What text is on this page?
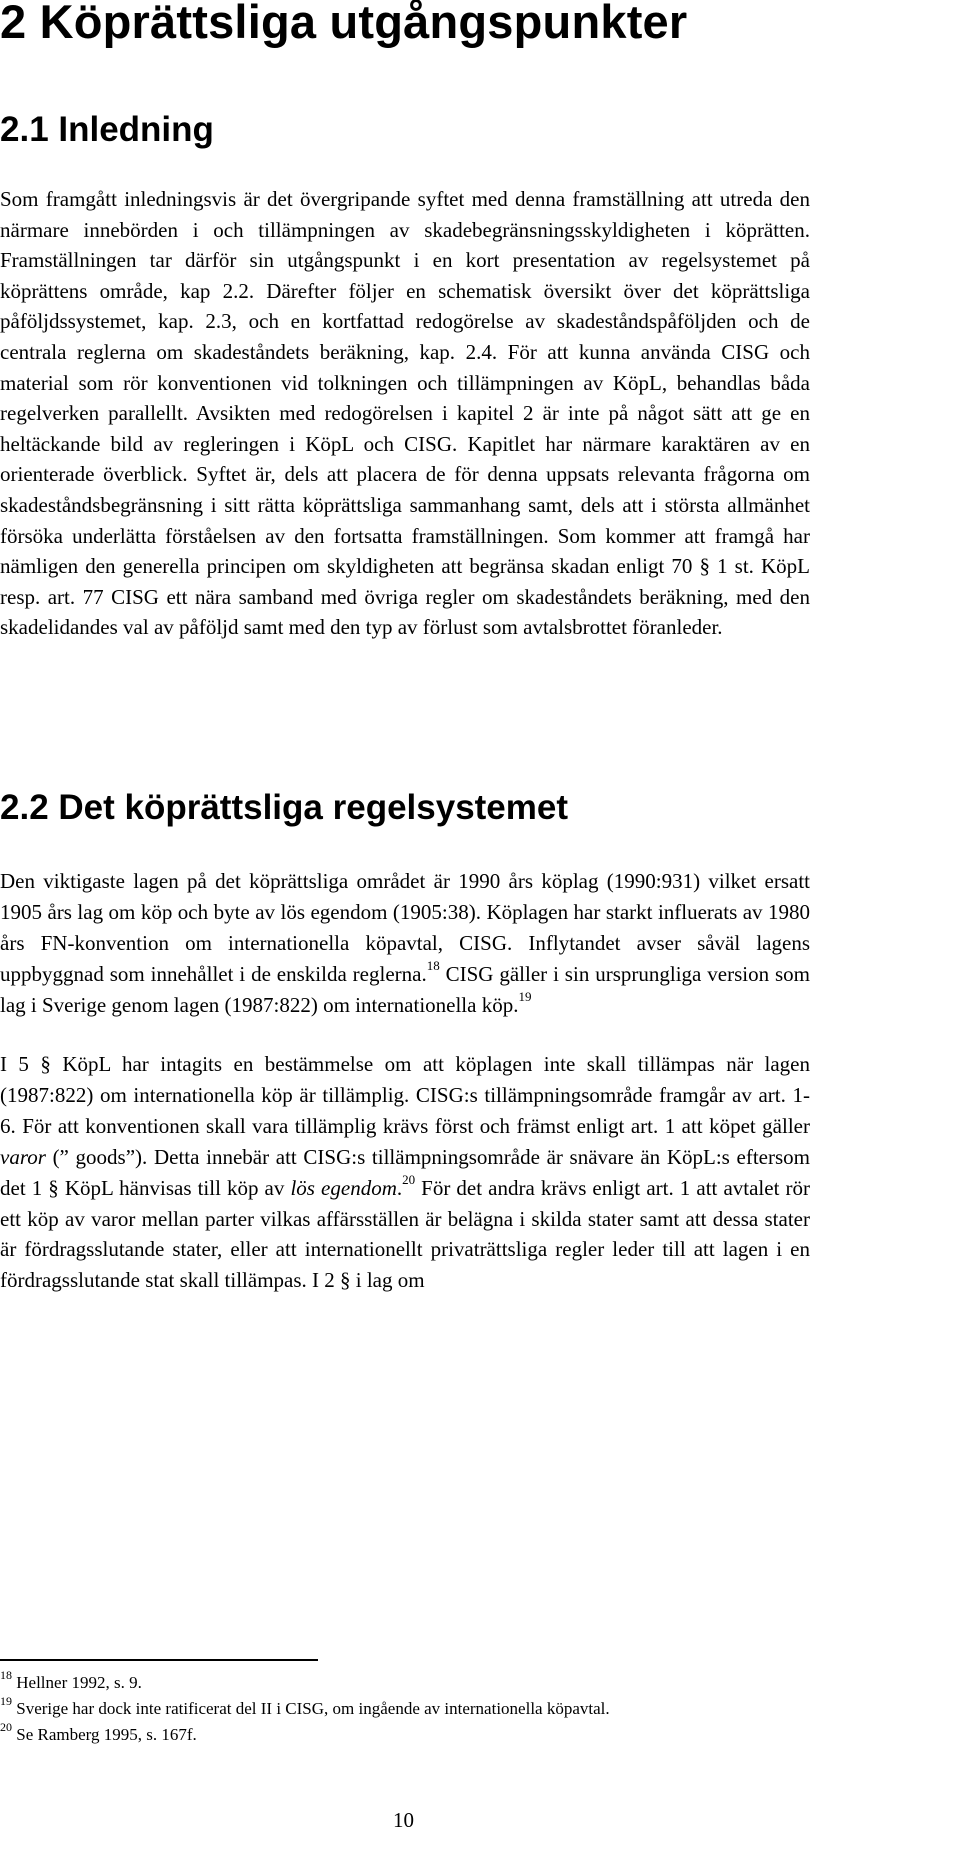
2 Köprättsliga utgångspunkter
2.1 Inledning

Som framgått inledningsvis är det övergripande syftet med denna framställning att utreda den närmare innebörden i och tillämpningen av skadebegränsningsskyldigheten i köprätten. Framställningen tar därför sin utgångspunkt i en kort presentation av regelsystemet på köprättens område, kap 2.2. Därefter följer en schematisk översikt över det köprättsliga påföljdssystemet, kap. 2.3, och en kortfattad redogörelse av skadeståndspåföljden och de centrala reglerna om skadeståndets beräkning, kap. 2.4. För att kunna använda CISG och material som rör konventionen vid tolkningen och tillämpningen av KöpL, behandlas båda regelverken parallellt. Avsikten med redogörelsen i kapitel 2 är inte på något sätt att ge en heltäckande bild av regleringen i KöpL och CISG. Kapitlet har närmare karaktären av en orienterade överblick. Syftet är, dels att placera de för denna uppsats relevanta frågorna om skadeståndsbegränsning i sitt rätta köprättsliga sammanhang samt, dels att i största allmänhet försöka underlätta förståelsen av den fortsatta framställningen. Som kommer att framgå har nämligen den generella principen om skyldigheten att begränsa skadan enligt 70 § 1 st. KöpL resp. art. 77 CISG ett nära samband med övriga regler om skadeståndets beräkning, med den skadelidandes val av påföljd samt med den typ av förlust som avtalsbrottet föranleder.

2.2 Det köprättsliga regelsystemet

Den viktigaste lagen på det köprättsliga området är 1990 års köplag (1990:931) vilket ersatt 1905 års lag om köp och byte av lös egendom (1905:38). Köplagen har starkt influerats av 1980 års FN-konvention om internationella köpavtal, CISG. Inflytandet avser såväl lagens uppbyggnad som innehållet i de enskilda reglerna.$^{18}$ CISG gäller i sin ursprungliga version som lag i Sverige genom lagen (1987:822) om internationella köp.$^{19}$

I 5 § KöpL har intagits en bestämmelse om att köplagen inte skall tillämpas när lagen (1987:822) om internationella köp är tillämplig. CISG:s tillämpningsområde framgår av art. 1-6. För att konventionen skall vara tillämplig krävs först och främst enligt art. 1 att köpet gäller varor (” goods”). Detta innebär att CISG:s tillämpningsområde är snävare än KöpL:s eftersom det 1 § KöpL hänvisas till köp av lös egendom.$^{20}$ För det andra krävs enligt art. 1 att avtalet rör ett köp av varor mellan parter vilkas affärsställen är belägna i skilda stater samt att dessa stater är fördragsslutande stater, eller att internationellt privaträttsliga regler leder till att lagen i en fördragsslutande stat skall tillämpas. I 2 § i lag om

$^{18}$ Hellner 1992, s. 9.
$^{19}$ Sverige har dock inte ratificerat del II i CISG, om ingående av internationella köpavtal.
$^{20}$ Se Ramberg 1995, s. 167f.
10
